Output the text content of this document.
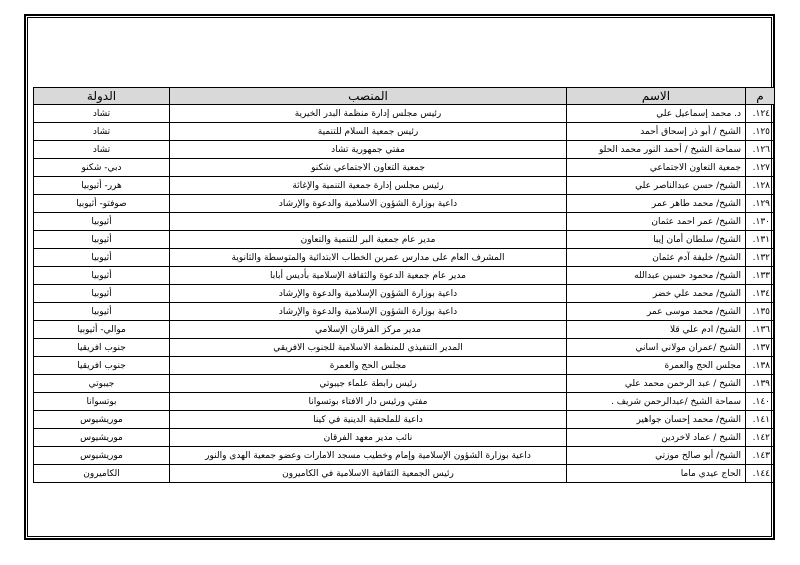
م	الاسم	المنصب	الدولة
١٢٤.	د. محمد إسماعيل علي	رئيس مجلس إدارة منظمة البدر الخيرية	تشاد
١٢٥.	الشيخ / أبو ذر إسحاق أحمد	رئيس جمعية السلام للتنمية	تشاد
١٢٦.	سماحة الشيخ / أحمد النور محمد الحلو	مفتي جمهورية تشاد	تشاد
١٢٧.	جمعية التعاون الاجتماعي	جمعية التعاون الاجتماعي شكنو	دبي- شكنو
١٢٨.	الشيخ/ حسن عبدالناصر علي	رئيس مجلس إدارة جمعية التنمية والإغاثة	هرر- أثيوبيا
١٢٩.	الشيخ/ محمد طاهر عمر	داعية بوزارة الشؤون الاسلامية والدعوة والإرشاد	صوفتو- أثيوبيا
١٣٠.	الشيخ/ عمر احمد عثمان		أثيوبيا
١٣١.	الشيخ/ سلطان أمان إيبا	مدير عام جمعية البر للتنمية والتعاون	أثيوبيا
١٣٢.	الشيخ/ خليفة آدم عثمان	المشرف العام على مدارس عمربن الخطاب الابتدائية والمتوسطة والثانوية	أثيوبيا
١٣٣.	الشيخ/ محمود حسين عبدالله	مدير عام جمعية الدعوة والثقافة الإسلامية بأديس أبابا	أثيوبيا
١٣٤.	الشيخ/ محمد علي خضر	داعية بوزارة الشؤون الإسلامية والدعوة والإرشاد	أثيوبيا
١٣٥.	الشيخ/ محمد موسى عمر	داعية بوزارة الشؤون الإسلامية والدعوة والإرشاد	أثيوبيا
١٣٦.	الشيخ/ ادم علي قلا	مدير مركز الفرقان الإسلامي	موالي- أثيوبيا
١٣٧.	الشيخ /عمران مولاني اساني	المدير التنفيذي للمنظمة الاسلامية للجنوب الافريقي	جنوب افريقيا
١٣٨.	مجلس الحج والعمرة	مجلس الحج والعمرة	جنوب افريقيا
١٣٩.	الشيخ / عبد الرحمن محمد علي	رئيس رابطة علماء جيبوتي	جيبوتي
١٤٠.	سماحة الشيخ /عبدالرحمن شريف .	مفتي ورئيس دار الافتاء بوتسوانا	بوتسوانا
١٤١.	الشيخ/ محمد إحسان جواهير	داعية للملحقية الدينية في كينا	موريشيوس
١٤٢.	الشيخ / عماد لاخردين	نائب مدير معهد الفرقان	موريشيوس
١٤٣.	الشيخ/ أبو صالح موزتي	داعية بوزارة الشؤون الإسلامية وإمام وخطيب مسجد الامارات وعضو جمعية الهدى والنور	موريشيوس
١٤٤.	الحاج عيدي ماما	رئيس الجمعية الثقافية الاسلامية في الكاميرون	الكاميرون
